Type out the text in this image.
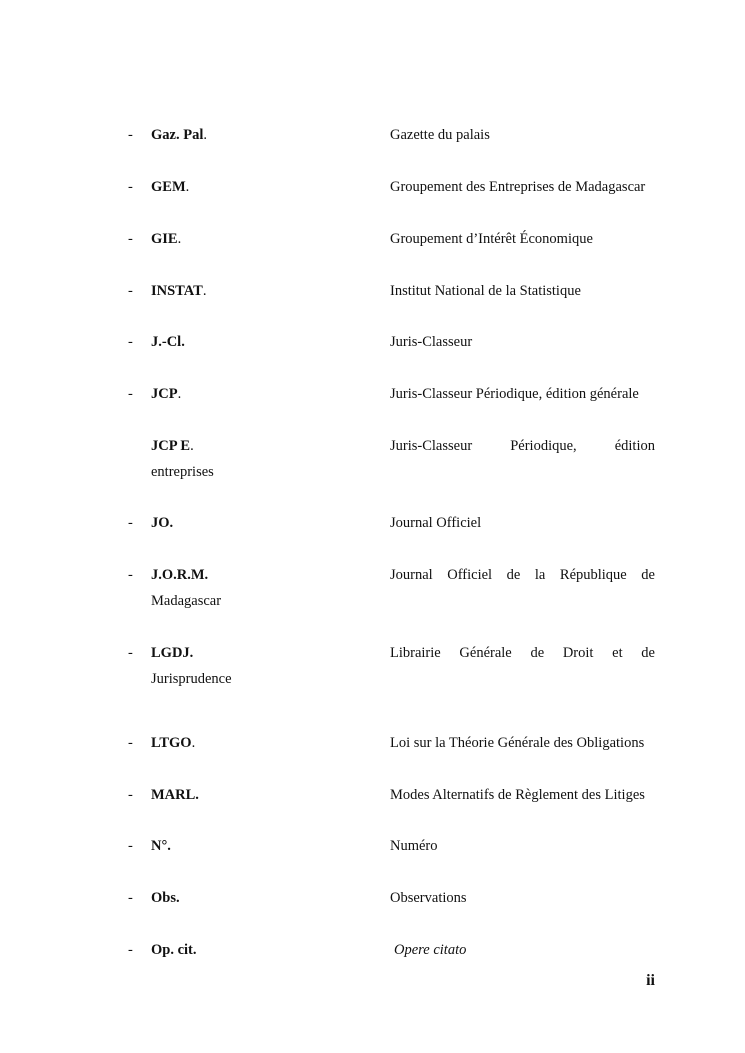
- Gaz. Pal.	Gazette du palais
- GEM.	Groupement des Entreprises de Madagascar
- GIE.	Groupement d’Intérêt Économique
- INSTAT.	Institut National de la Statistique
- J.-Cl.	Juris-Classeur
- JCP.	Juris-Classeur Périodique, édition générale
JCP E.	Juris-Classeur Périodique, édition
entreprises
- JO.	Journal Officiel
- J.O.R.M.	Journal Officiel de la République de
Madagascar
- LGDJ.	Librairie Générale de Droit et de
Jurisprudence
- LTGO.	Loi sur la Théorie Générale des Obligations
- MARL.	Modes Alternatifs de Règlement des Litiges
- N°.	Numéro
- Obs.	Observations
- Op. cit.	Opere citato
ii
